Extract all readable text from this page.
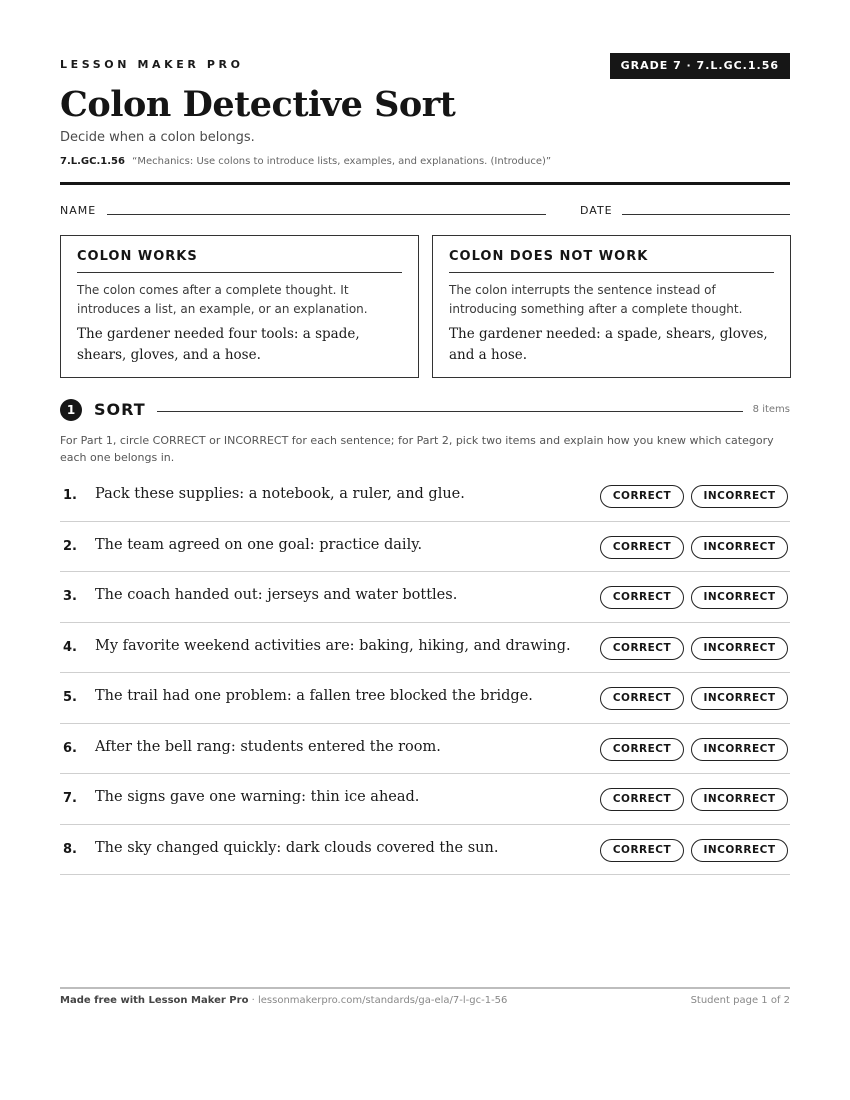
LESSON MAKER PRO	GRADE 7 · 7.L.GC.1.56
Colon Detective Sort
Decide when a colon belongs.
7.L.GC.1.56 “Mechanics: Use colons to introduce lists, examples, and explanations. (Introduce)”
NAME	DATE
COLON WORKS

The colon comes after a complete thought. It introduces a list, an example, or an explanation.

The gardener needed four tools: a spade, shears, gloves, and a hose.

COLON DOES NOT WORK

The colon interrupts the sentence instead of introducing something after a complete thought.

The gardener needed: a spade, shears, gloves, and a hose.

1	SORT	8 items

For Part 1, circle CORRECT or INCORRECT for each sentence; for Part 2, pick two items and explain how you knew which category each one belongs in.

1. Pack these supplies: a notebook, a ruler, and glue.	CORRECT	INCORRECT
2. The team agreed on one goal: practice daily.	CORRECT	INCORRECT
3. The coach handed out: jerseys and water bottles.	CORRECT	INCORRECT
4. My favorite weekend activities are: baking, hiking, and drawing.	CORRECT	INCORRECT
5. The trail had one problem: a fallen tree blocked the bridge.	CORRECT	INCORRECT
6. After the bell rang: students entered the room.	CORRECT	INCORRECT
7. The signs gave one warning: thin ice ahead.	CORRECT	INCORRECT
8. The sky changed quickly: dark clouds covered the sun.	CORRECT	INCORRECT
Made free with Lesson Maker Pro · lessonmakerpro.com/standards/ga-ela/7-l-gc-1-56	Student page 1 of 2
